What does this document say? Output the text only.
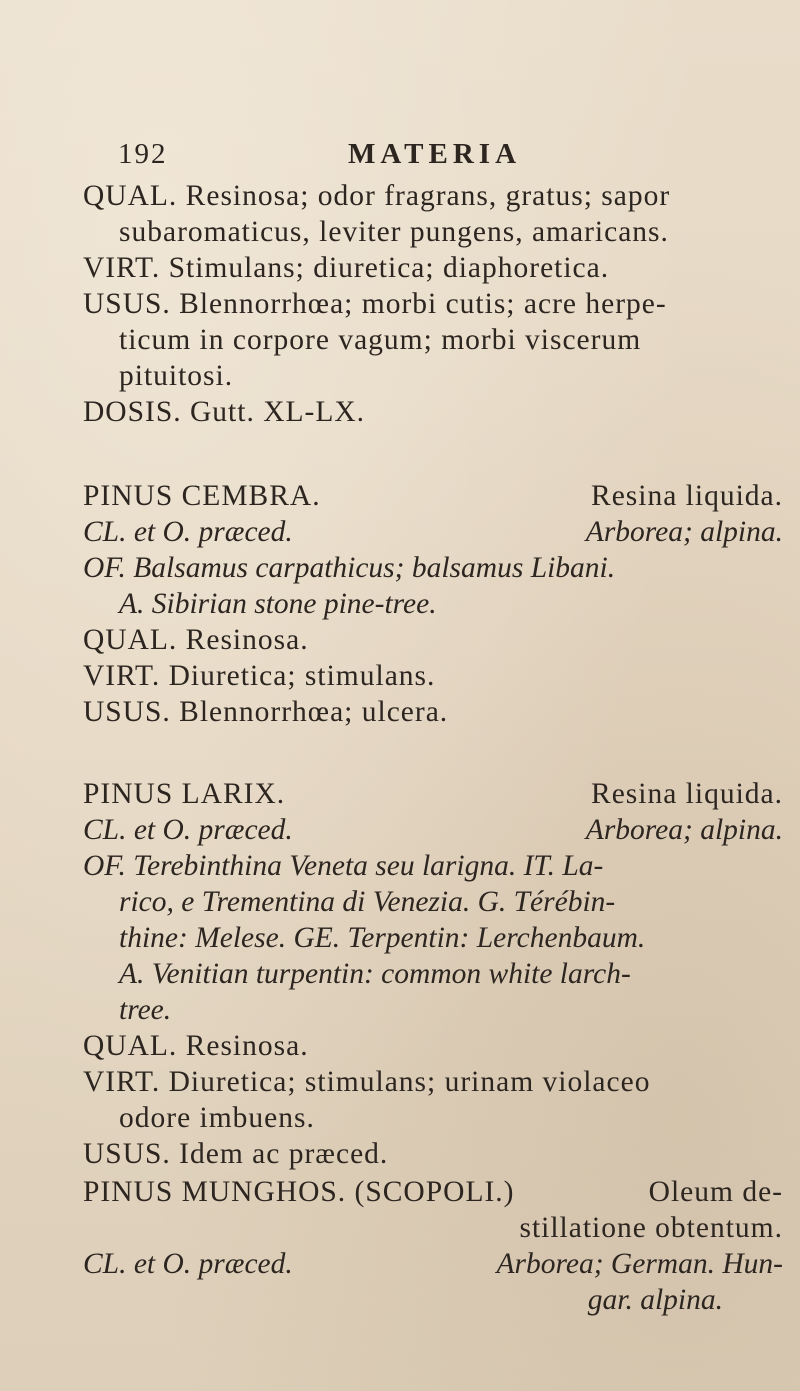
192	MATERIA
QUAL. Resinosa; odor fragrans, gratus; sapor
subaromaticus, leviter pungens, amaricans.
VIRT. Stimulans; diuretica; diaphoretica.
USUS. Blennorrhœa; morbi cutis; acre herpe-
ticum in corpore vagum; morbi viscerum
pituitosi.
DOSIS. Gutt. XL-LX.
PINUS CEMBRA.	Resina liquida.
CL. et O. præced.	Arborea; alpina.
OF. Balsamus carpathicus; balsamus Libani.
A. Sibirian stone pine-tree.
QUAL. Resinosa.
VIRT. Diuretica; stimulans.
USUS. Blennorrhœa; ulcera.
PINUS LARIX.	Resina liquida.
CL. et O. præced.	Arborea; alpina.
OF. Terebinthina Veneta seu larigna. IT. La-
rico, e Trementina di Venezia. G. Térébin-
thine: Melese. GE. Terpentin: Lerchenbaum.
A. Venitian turpentin: common white larch-
tree.
QUAL. Resinosa.
VIRT. Diuretica; stimulans; urinam violaceo
odore imbuens.
USUS. Idem ac præced.
PINUS MUNGHOS. (SCOPOLI.)	Oleum de-
stillatione obtentum.
CL. et O. præced.	Arborea; German. Hun-
gar. alpina.
